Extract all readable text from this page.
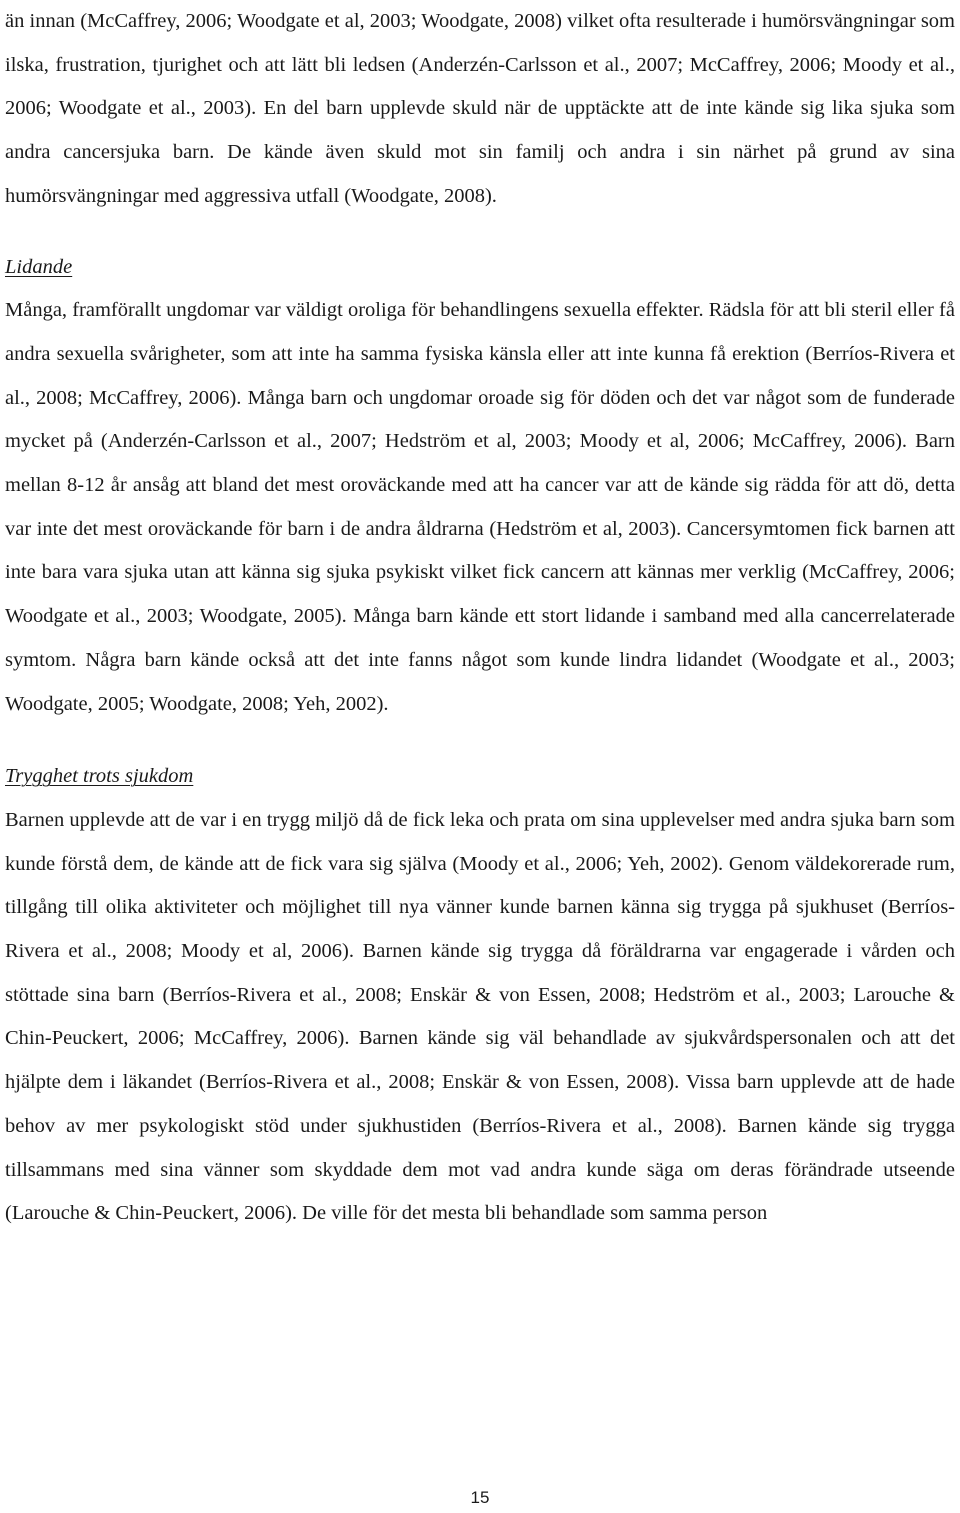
än innan (McCaffrey, 2006; Woodgate et al, 2003; Woodgate, 2008) vilket ofta resulterade i humörsvängningar som ilska, frustration, tjurighet och att lätt bli ledsen (Anderzén-Carlsson et al., 2007; McCaffrey, 2006; Moody et al., 2006; Woodgate et al., 2003). En del barn upplevde skuld när de upptäckte att de inte kände sig lika sjuka som andra cancersjuka barn. De kände även skuld mot sin familj och andra i sin närhet på grund av sina humörsvängningar med aggressiva utfall (Woodgate, 2008).

Lidande

Många, framförallt ungdomar var väldigt oroliga för behandlingens sexuella effekter. Rädsla för att bli steril eller få andra sexuella svårigheter, som att inte ha samma fysiska känsla eller att inte kunna få erektion (Berríos-Rivera et al., 2008; McCaffrey, 2006). Många barn och ungdomar oroade sig för döden och det var något som de funderade mycket på (Anderzén-Carlsson et al., 2007; Hedström et al, 2003; Moody et al, 2006; McCaffrey, 2006). Barn mellan 8-12 år ansåg att bland det mest oroväckande med att ha cancer var att de kände sig rädda för att dö, detta var inte det mest oroväckande för barn i de andra åldrarna (Hedström et al, 2003). Cancersymtomen fick barnen att inte bara vara sjuka utan att känna sig sjuka psykiskt vilket fick cancern att kännas mer verklig (McCaffrey, 2006; Woodgate et al., 2003; Woodgate, 2005). Många barn kände ett stort lidande i samband med alla cancerrelaterade symtom. Några barn kände också att det inte fanns något som kunde lindra lidandet (Woodgate et al., 2003; Woodgate, 2005; Woodgate, 2008; Yeh, 2002).

Trygghet trots sjukdom

Barnen upplevde att de var i en trygg miljö då de fick leka och prata om sina upplevelser med andra sjuka barn som kunde förstå dem, de kände att de fick vara sig själva (Moody et al., 2006; Yeh, 2002). Genom väldekorerade rum, tillgång till olika aktiviteter och möjlighet till nya vänner kunde barnen känna sig trygga på sjukhuset (Berríos-Rivera et al., 2008; Moody et al, 2006). Barnen kände sig trygga då föräldrarna var engagerade i vården och stöttade sina barn (Berríos-Rivera et al., 2008; Enskär & von Essen, 2008; Hedström et al., 2003; Larouche & Chin-Peuckert, 2006; McCaffrey, 2006). Barnen kände sig väl behandlade av sjukvårdspersonalen och att det hjälpte dem i läkandet (Berríos-Rivera et al., 2008; Enskär & von Essen, 2008). Vissa barn upplevde att de hade behov av mer psykologiskt stöd under sjukhustiden (Berríos-Rivera et al., 2008). Barnen kände sig trygga tillsammans med sina vänner som skyddade dem mot vad andra kunde säga om deras förändrade utseende (Larouche & Chin-Peuckert, 2006). De ville för det mesta bli behandlade som samma person

15
